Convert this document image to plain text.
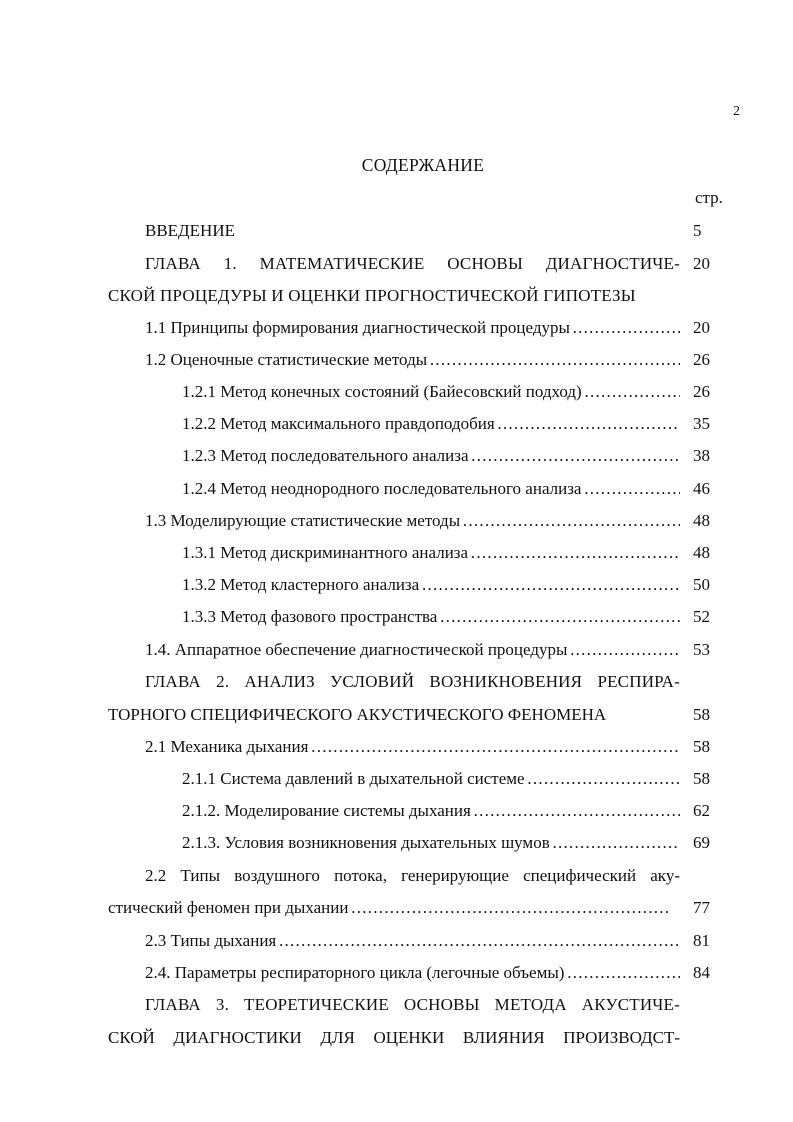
2
СОДЕРЖАНИЕ
стр.
ВВЕДЕНИЕ	5
ГЛАВА 1. МАТЕМАТИЧЕСКИЕ ОСНОВЫ ДИАГНОСТИЧЕ- 20
СКОЙ ПРОЦЕДУРЫ И ОЦЕНКИ ПРОГНОСТИЧЕСКОЙ ГИПОТЕЗЫ
1.1 Принципы формирования диагностической процедуры . . .	20
1.2 Оценочные статистические методы . . .	26
1.2.1 Метод конечных состояний (Байесовский подход) . . .	26
1.2.2 Метод максимального правдоподобия . . .	35
1.2.3 Метод последовательного анализа . . .	38
1.2.4 Метод неоднородного последовательного анализа . . .	46
1.3 Моделирующие статистические методы . . .	48
1.3.1 Метод дискриминантного анализа . . .	48
1.3.2 Метод кластерного анализа . . .	50
1.3.3 Метод фазового пространства . . .	52
1.4. Аппаратное обеспечение диагностической процедуры . . .	53
ГЛАВА 2. АНАЛИЗ УСЛОВИЙ ВОЗНИКНОВЕНИЯ РЕСПИРА-
ТОРНОГО СПЕЦИФИЧЕСКОГО АКУСТИЧЕСКОГО ФЕНОМЕНА	58
2.1 Механика дыхания . . .	58
2.1.1 Система давлений в дыхательной системе . . .	58
2.1.2. Моделирование системы дыхания . . .	62
2.1.3. Условия возникновения дыхательных шумов . . .	69
2.2 Типы воздушного потока, генерирующие специфический аку-
стический феномен при дыхании . . .	77
2.3 Типы дыхания . . .	81
2.4. Параметры респираторного цикла (легочные объемы) . . .	84
ГЛАВА 3. ТЕОРЕТИЧЕСКИЕ ОСНОВЫ МЕТОДА АКУСТИЧЕ-
СКОЙ ДИАГНОСТИКИ ДЛЯ ОЦЕНКИ ВЛИЯНИЯ ПРОИЗВОДСТ-
